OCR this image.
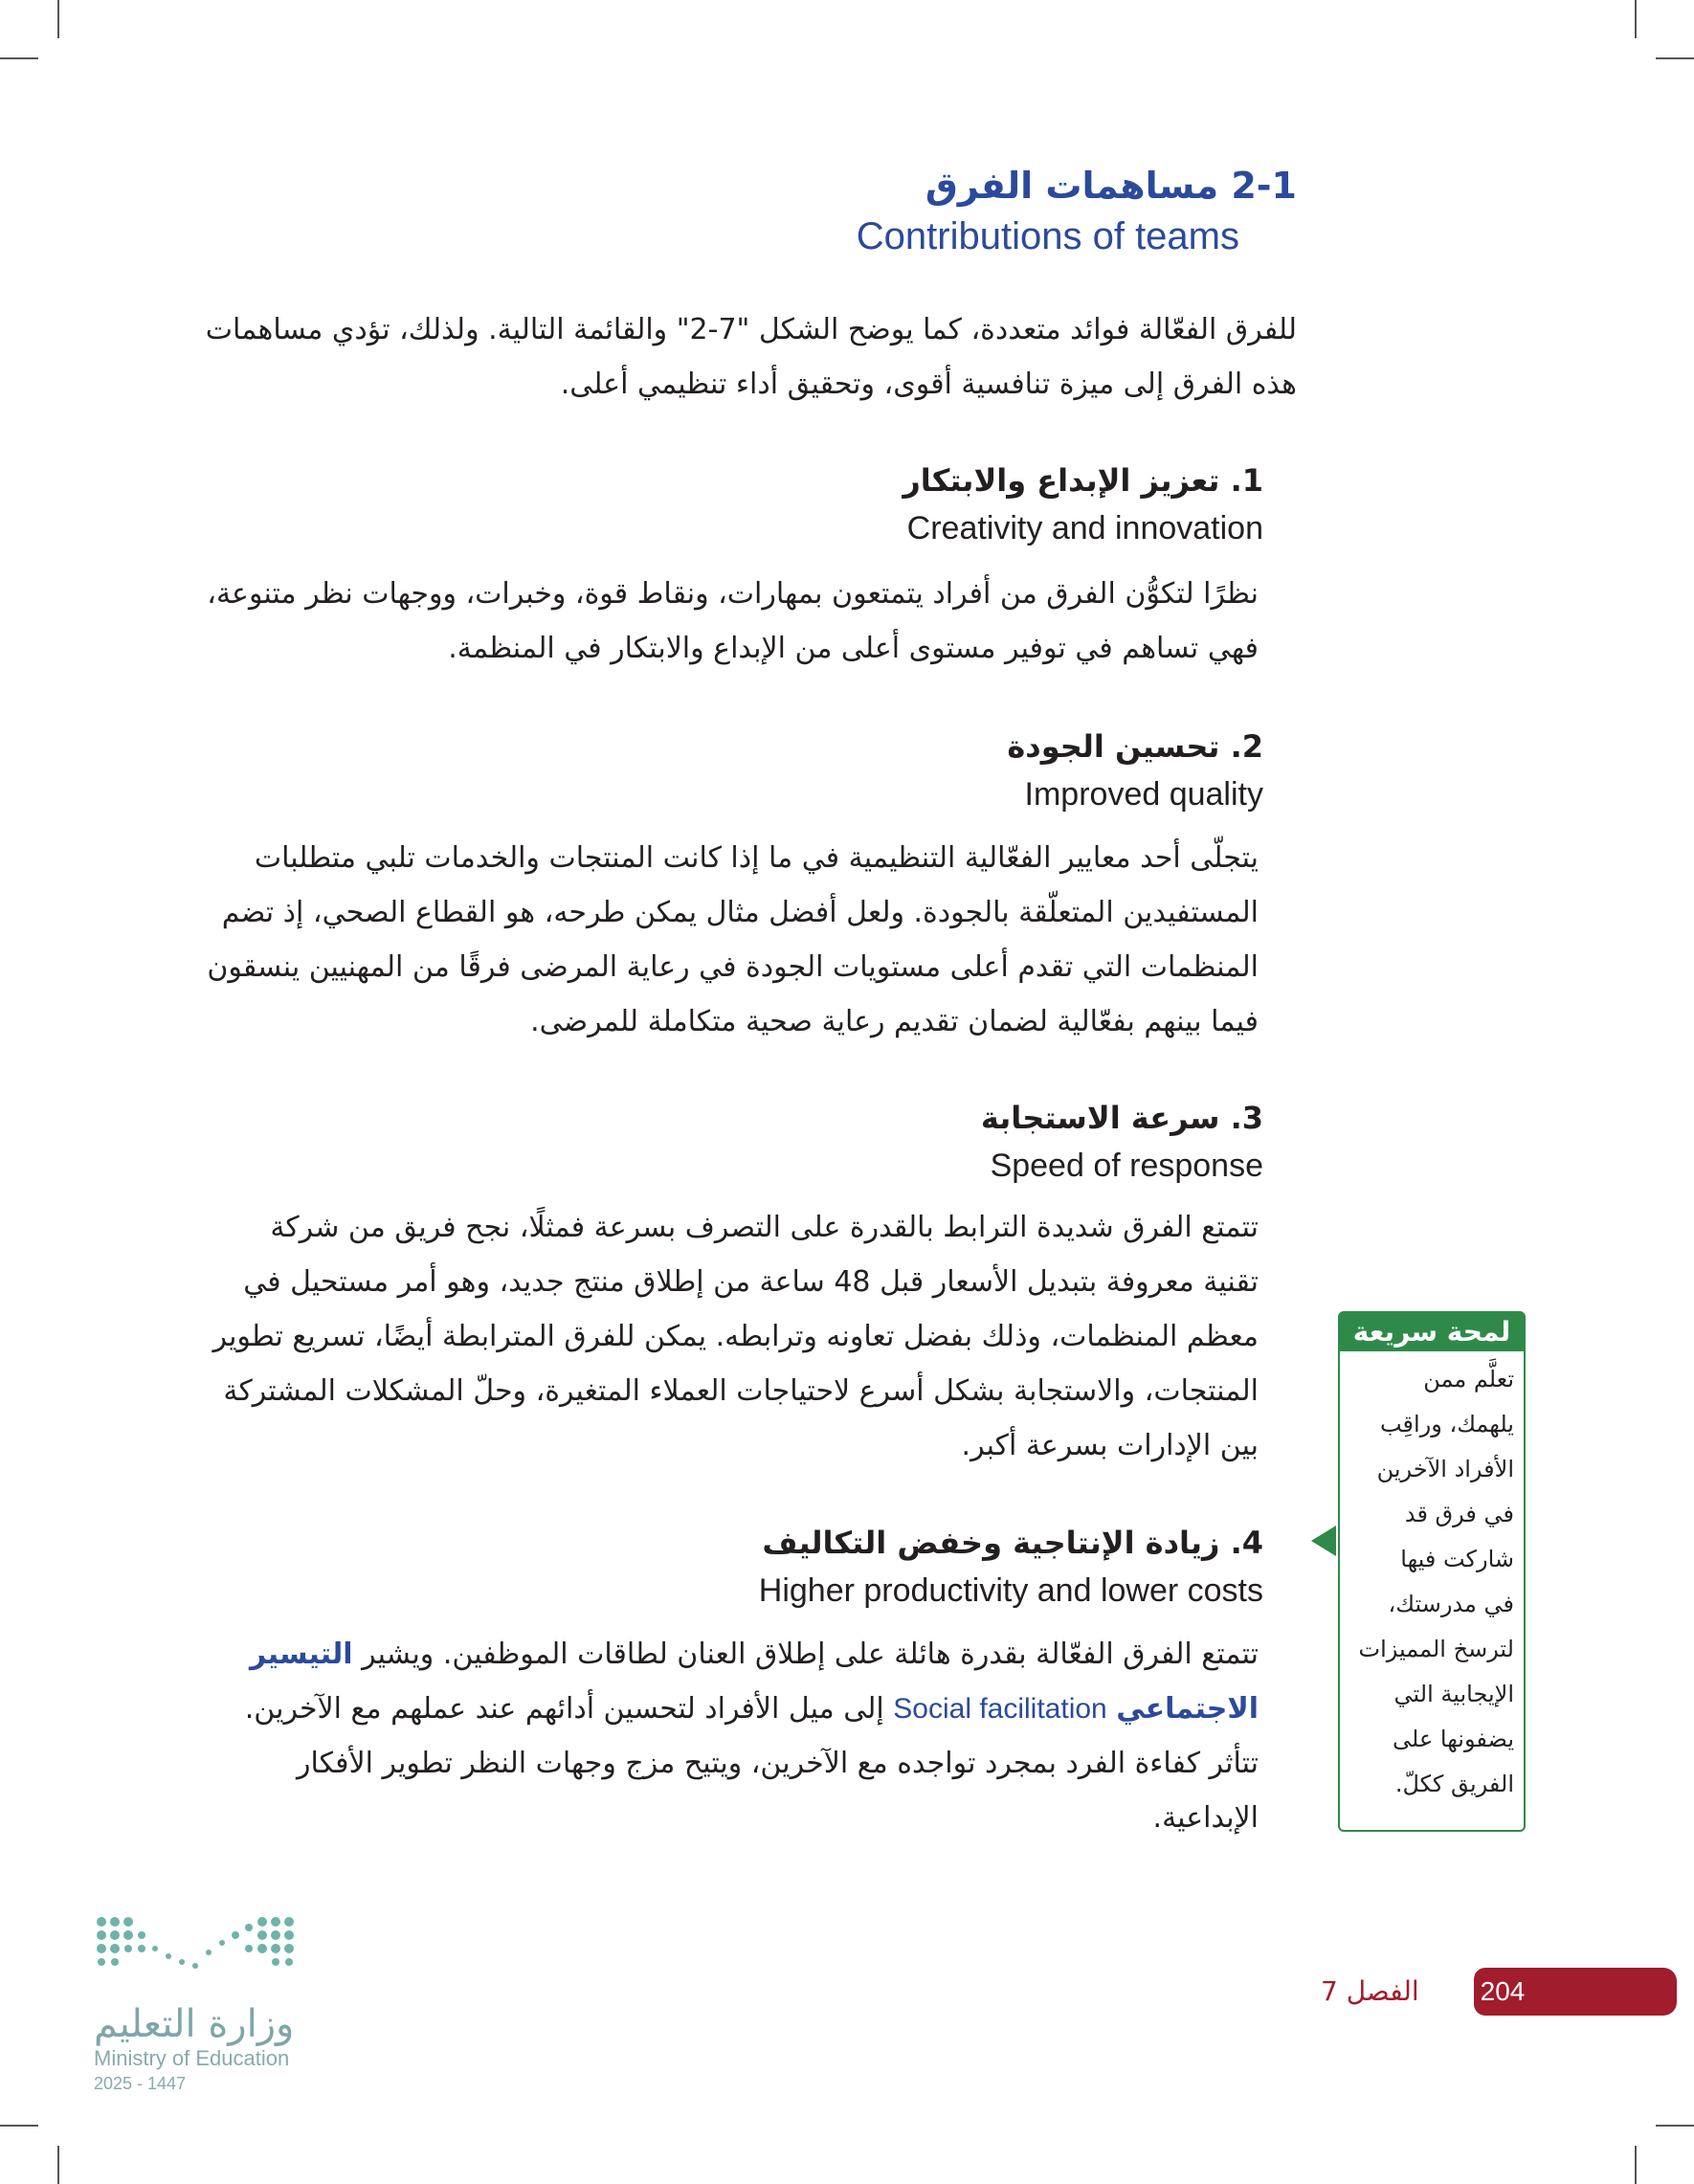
2-1 مساهمات الفرق
Contributions of teams
للفرق الفعّالة فوائد متعددة، كما يوضح الشكل "7-2" والقائمة التالية. ولذلك، تؤدي مساهمات
هذه الفرق إلى ميزة تنافسية أقوى، وتحقيق أداء تنظيمي أعلى.
1. تعزيز الإبداع والابتكار
Creativity and innovation
نظرًا لتكوُّن الفرق من أفراد يتمتعون بمهارات، ونقاط قوة، وخبرات، ووجهات نظر متنوعة،
فهي تساهم في توفير مستوى أعلى من الإبداع والابتكار في المنظمة.
2. تحسين الجودة
Improved quality
يتجلّى أحد معايير الفعّالية التنظيمية في ما إذا كانت المنتجات والخدمات تلبي متطلبات
المستفيدين المتعلّقة بالجودة. ولعل أفضل مثال يمكن طرحه، هو القطاع الصحي، إذ تضم
المنظمات التي تقدم أعلى مستويات الجودة في رعاية المرضى فرقًا من المهنيين ينسقون
فيما بينهم بفعّالية لضمان تقديم رعاية صحية متكاملة للمرضى.
3. سرعة الاستجابة
Speed of response
تتمتع الفرق شديدة الترابط بالقدرة على التصرف بسرعة فمثلًا، نجح فريق من شركة
تقنية معروفة بتبديل الأسعار قبل 48 ساعة من إطلاق منتج جديد، وهو أمر مستحيل في
معظم المنظمات، وذلك بفضل تعاونه وترابطه. يمكن للفرق المترابطة أيضًا، تسريع تطوير
المنتجات، والاستجابة بشكل أسرع لاحتياجات العملاء المتغيرة، وحلّ المشكلات المشتركة
بين الإدارات بسرعة أكبر.
4. زيادة الإنتاجية وخفض التكاليف
Higher productivity and lower costs
تتمتع الفرق الفعّالة بقدرة هائلة على إطلاق العنان لطاقات الموظفين. ويشير التيسير
الاجتماعي Social facilitation إلى ميل الأفراد لتحسين أدائهم عند عملهم مع الآخرين.
تتأثر كفاءة الفرد بمجرد تواجده مع الآخرين، ويتيح مزج وجهات النظر تطوير الأفكار
الإبداعية.
لمحة سريعة
تعلَّم ممن
يلهمك، وراقِب
الأفراد الآخرين
في فرق قد
شاركت فيها
في مدرستك،
لترسخ المميزات
الإيجابية التي
يضفونها على
الفريق ككلّ.
204
الفصل 7
وزارة التعليم
Ministry of Education
2025 - 1447
